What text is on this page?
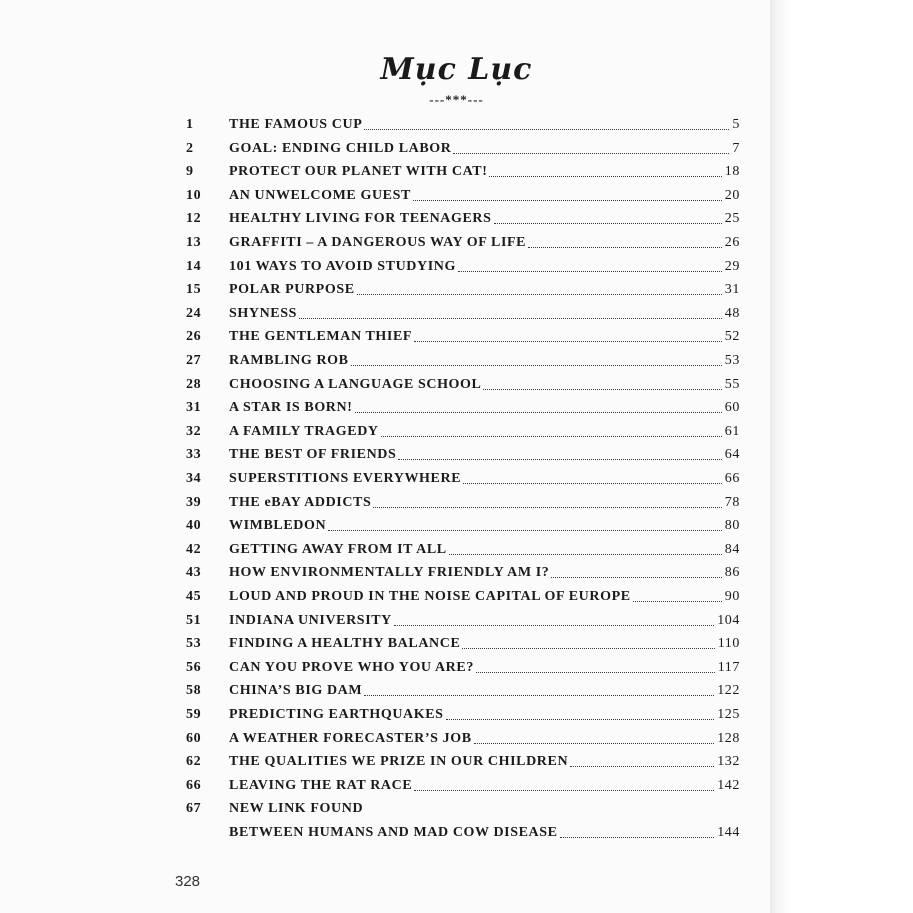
Mục Lục
---***---
1	THE FAMOUS CUP	5
2	GOAL: ENDING CHILD LABOR	7
9	PROTECT OUR PLANET WITH CAT!	18
10	AN UNWELCOME GUEST	20
12	HEALTHY LIVING FOR TEENAGERS	25
13	GRAFFITI – A DANGEROUS WAY OF LIFE	26
14	101 WAYS TO AVOID STUDYING	29
15	POLAR PURPOSE	31
24	SHYNESS	48
26	THE GENTLEMAN THIEF	52
27	RAMBLING ROB	53
28	CHOOSING A LANGUAGE SCHOOL	55
31	A STAR IS BORN!	60
32	A FAMILY TRAGEDY	61
33	THE BEST OF FRIENDS	64
34	SUPERSTITIONS EVERYWHERE	66
39	THE eBAY ADDICTS	78
40	WIMBLEDON	80
42	GETTING AWAY FROM IT ALL	84
43	HOW ENVIRONMENTALLY FRIENDLY AM I?	86
45	LOUD AND PROUD IN THE NOISE CAPITAL OF EUROPE	90
51	INDIANA UNIVERSITY	104
53	FINDING A HEALTHY BALANCE	110
56	CAN YOU PROVE WHO YOU ARE?	117
58	CHINA’S BIG DAM	122
59	PREDICTING EARTHQUAKES	125
60	A WEATHER FORECASTER’S JOB	128
62	THE QUALITIES WE PRIZE IN OUR CHILDREN	132
66	LEAVING THE RAT RACE	142
67	NEW LINK FOUND
BETWEEN HUMANS AND MAD COW DISEASE	144
328
